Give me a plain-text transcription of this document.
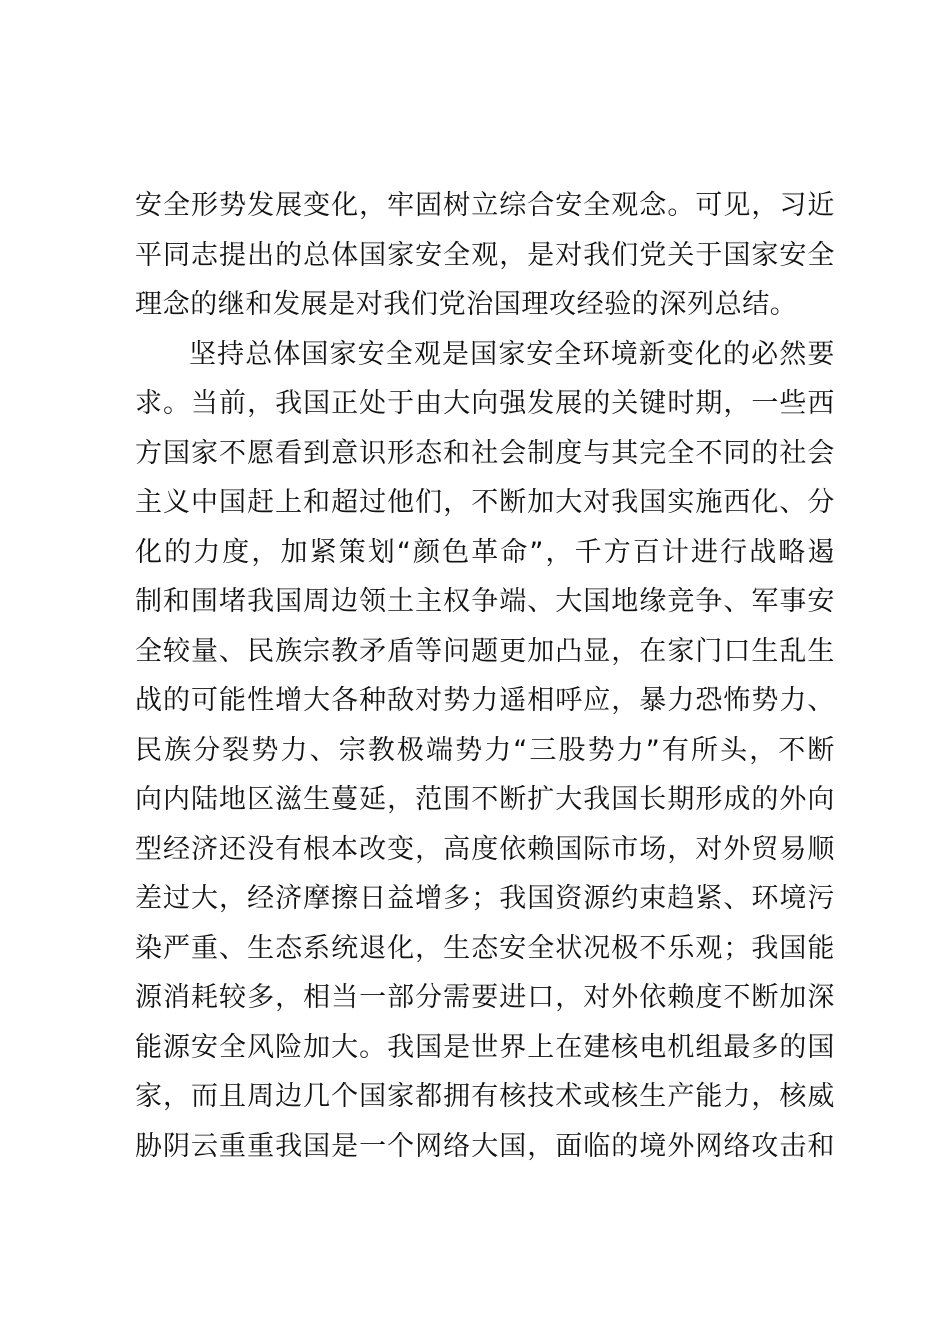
安全形势发展变化，牢固树立综合安全观念。可见，习近
平同志提出的总体国家安全观，是对我们党关于国家安全
理念的继和发展是对我们党治国理攻经验的深列总结。
坚持总体国家安全观是国家安全环境新变化的必然要
求。当前，我国正处于由大向强发展的关键时期，一些西
方国家不愿看到意识形态和社会制度与其完全不同的社会
主义中国赶上和超过他们，不断加大对我国实施西化、分
化的力度，加紧策划“颜色革命”，千方百计进行战略遏
制和围堵我国周边领土主权争端、大国地缘竞争、军事安
全较量、民族宗教矛盾等问题更加凸显，在家门口生乱生
战的可能性增大各种敌对势力遥相呼应，暴力恐怖势力、
民族分裂势力、宗教极端势力“三股势力”有所头，不断
向内陆地区滋生蔓延，范围不断扩大我国长期形成的外向
型经济还没有根本改变，高度依赖国际市场，对外贸易顺
差过大，经济摩擦日益增多；我国资源约束趋紧、环境污
染严重、生态系统退化，生态安全状况极不乐观；我国能
源消耗较多，相当一部分需要进口，对外依赖度不断加深
能源安全风险加大。我国是世界上在建核电机组最多的国
家，而且周边几个国家都拥有核技术或核生产能力，核威
胁阴云重重我国是一个网络大国，面临的境外网络攻击和
